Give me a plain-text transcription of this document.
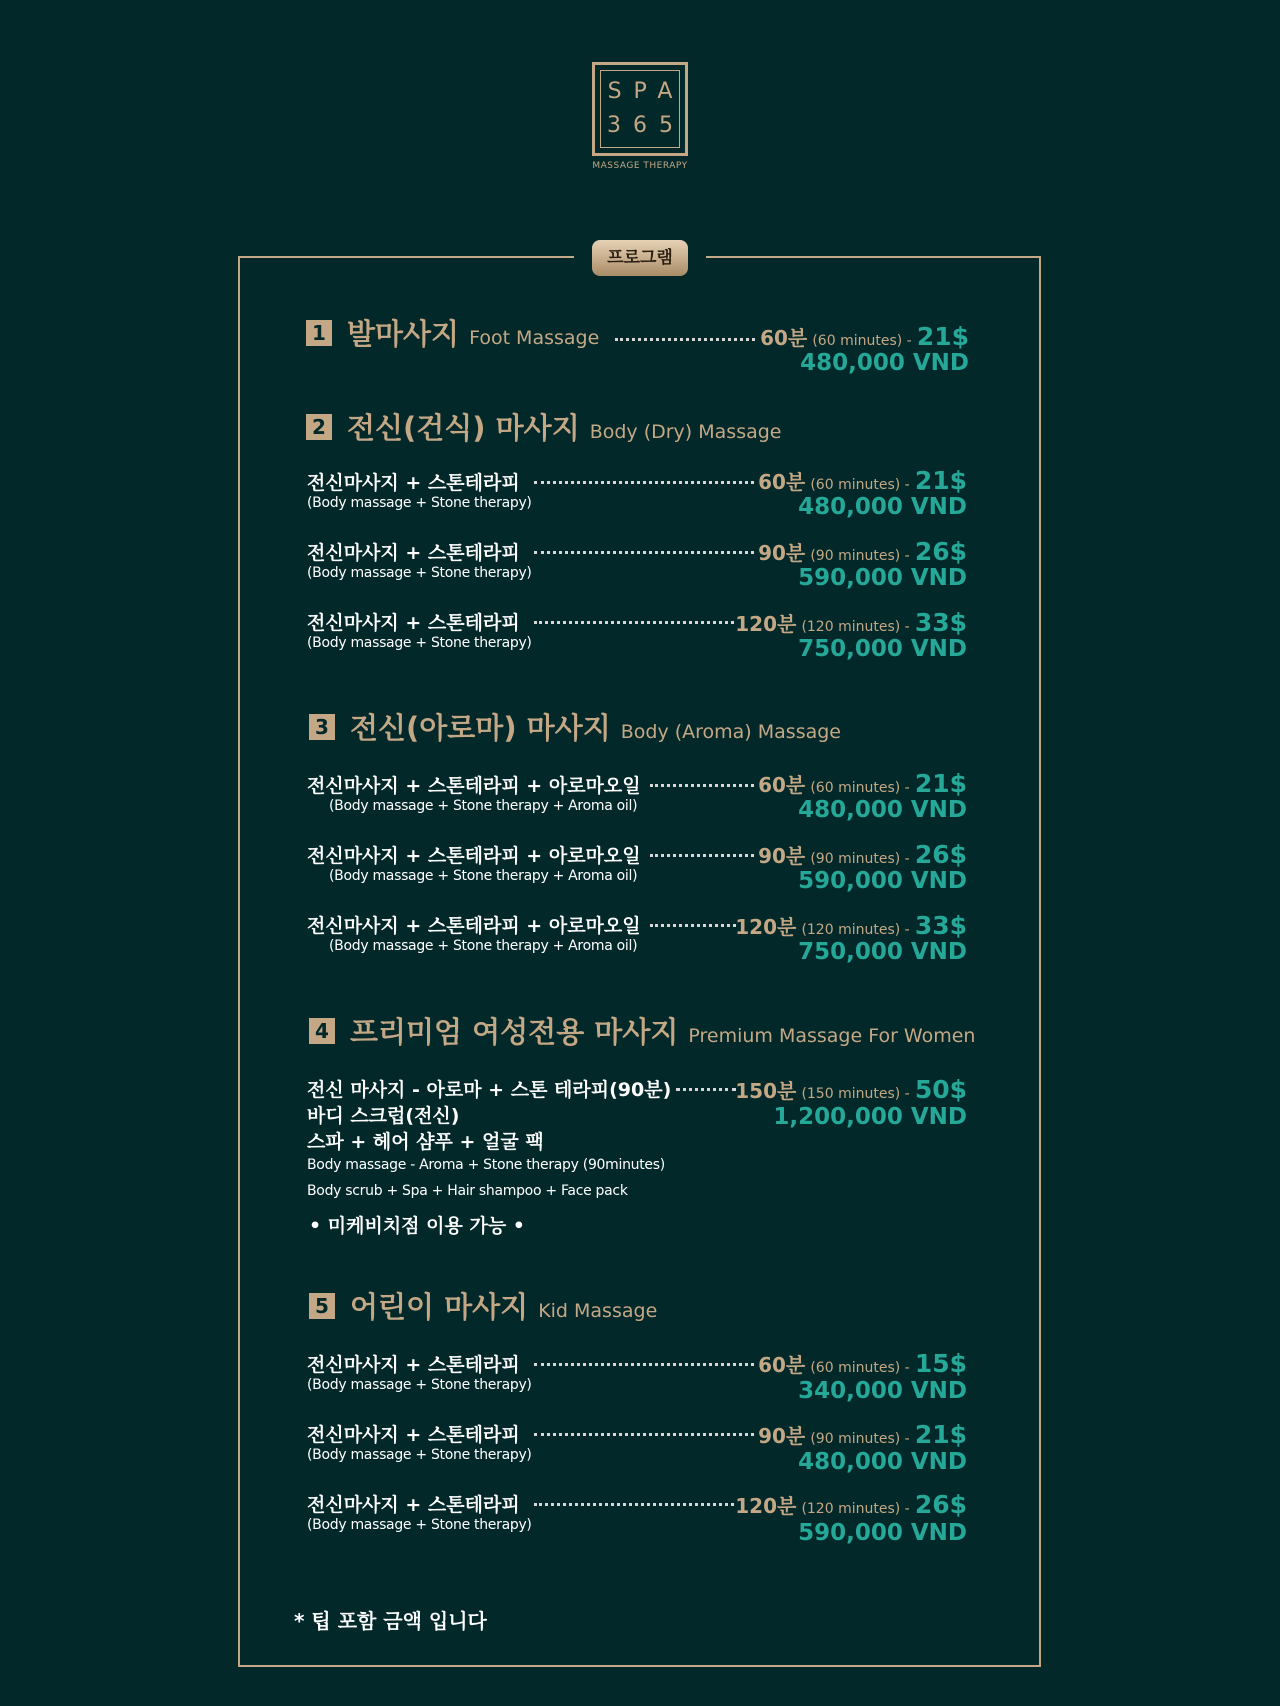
SPA
365
MASSAGE THERAPY
프로그램
1 발마사지 Foot Massage	60분 (60 minutes) - 21$
480,000 VND
2 전신(건식) 마사지 Body (Dry) Massage
전신마사지 + 스톤테라피
(Body massage + Stone therapy)
60분 (60 minutes) - 21$
480,000 VND
전신마사지 + 스톤테라피
(Body massage + Stone therapy)
90분 (90 minutes) - 26$
590,000 VND
전신마사지 + 스톤테라피
(Body massage + Stone therapy)
120분 (120 minutes) - 33$
750,000 VND
3 전신(아로마) 마사지 Body (Aroma) Massage
전신마사지 + 스톤테라피 + 아로마오일
(Body massage + Stone therapy + Aroma oil)
60분 (60 minutes) - 21$
480,000 VND
전신마사지 + 스톤테라피 + 아로마오일
(Body massage + Stone therapy + Aroma oil)
90분 (90 minutes) - 26$
590,000 VND
전신마사지 + 스톤테라피 + 아로마오일
(Body massage + Stone therapy + Aroma oil)
120분 (120 minutes) - 33$
750,000 VND
4 프리미엄 여성전용 마사지 Premium Massage For Women
전신 마사지 - 아로마 + 스톤 테라피(90분)
바디 스크럽(전신)
스파 + 헤어 샴푸 + 얼굴 팩
Body massage - Aroma + Stone therapy (90minutes)
Body scrub + Spa + Hair shampoo + Face pack
• 미케비치점 이용 가능 •
150분 (150 minutes) - 50$
1,200,000 VND
5 어린이 마사지 Kid Massage
전신마사지 + 스톤테라피
(Body massage + Stone therapy)
60분 (60 minutes) - 15$
340,000 VND
전신마사지 + 스톤테라피
(Body massage + Stone therapy)
90분 (90 minutes) - 21$
480,000 VND
전신마사지 + 스톤테라피
(Body massage + Stone therapy)
120분 (120 minutes) - 26$
590,000 VND
* 팁 포함 금액 입니다
